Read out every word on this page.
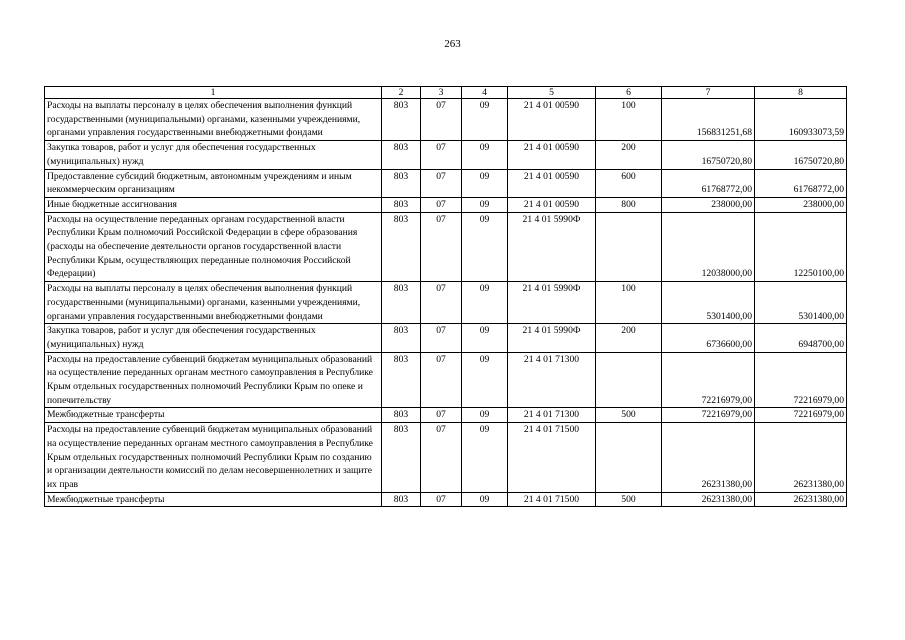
263
1	2	3	4	5	6	7	8
Расходы на выплаты персоналу в целях обеспечения выполнения функций государственными (муниципальными) органами, казенными учреждениями, органами управления государственными внебюджетными фондами	803	07	09	21 4 01 00590	100	156831251,68	160933073,59
Закупка товаров, работ и услуг для обеспечения государственных (муниципальных) нужд	803	07	09	21 4 01 00590	200	16750720,80	16750720,80
Предоставление субсидий бюджетным, автономным учреждениям и иным некоммерческим организациям	803	07	09	21 4 01 00590	600	61768772,00	61768772,00
Иные бюджетные ассигнования	803	07	09	21 4 01 00590	800	238000,00	238000,00
Расходы на осуществление переданных органам государственной власти Республики Крым полномочий Российской Федерации в сфере образования (расходы на обеспечение деятельности органов государственной власти Республики Крым, осуществляющих переданные полномочия Российской Федерации)	803	07	09	21 4 01 5990Ф		12038000,00	12250100,00
Расходы на выплаты персоналу в целях обеспечения выполнения функций государственными (муниципальными) органами, казенными учреждениями, органами управления государственными внебюджетными фондами	803	07	09	21 4 01 5990Ф	100	5301400,00	5301400,00
Закупка товаров, работ и услуг для обеспечения государственных (муниципальных) нужд	803	07	09	21 4 01 5990Ф	200	6736600,00	6948700,00
Расходы на предоставление субвенций бюджетам муниципальных образований на осуществление переданных органам местного самоуправления в Республике Крым отдельных государственных полномочий Республики Крым по опеке и попечительству	803	07	09	21 4 01 71300		72216979,00	72216979,00
Межбюджетные трансферты	803	07	09	21 4 01 71300	500	72216979,00	72216979,00
Расходы на предоставление субвенций бюджетам муниципальных образований на осуществление переданных органам местного самоуправления в Республике Крым отдельных государственных полномочий Республики Крым по созданию и организации деятельности комиссий по делам несовершеннолетних и защите их прав	803	07	09	21 4 01 71500		26231380,00	26231380,00
Межбюджетные трансферты	803	07	09	21 4 01 71500	500	26231380,00	26231380,00
